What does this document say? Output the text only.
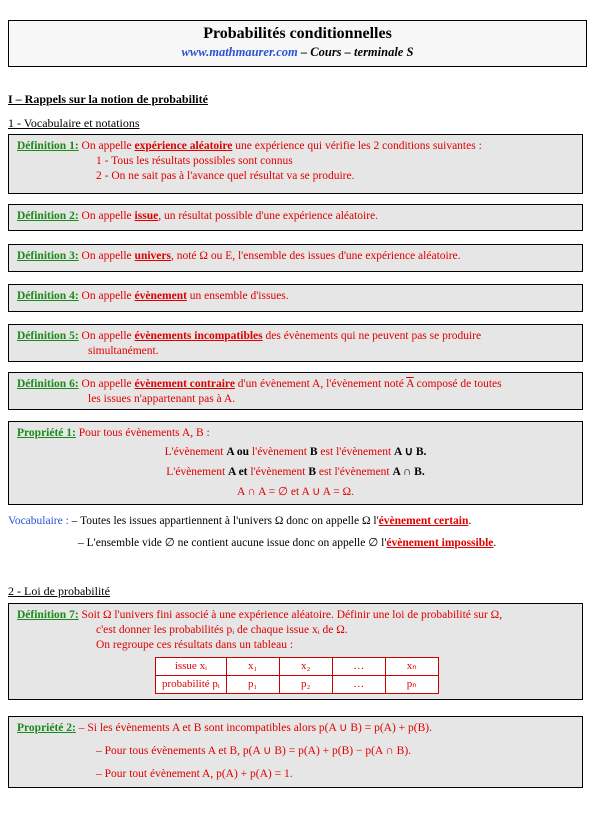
Probabilités conditionnelles
www.mathmaurer.com – Cours – terminale S
I – Rappels sur la notion de probabilité
1 - Vocabulaire et notations
Définition 1: On appelle expérience aléatoire une expérience qui vérifie les 2 conditions suivantes :
1 - Tous les résultats possibles sont connus
2 - On ne sait pas à l'avance quel résultat va se produire.
Définition 2: On appelle issue, un résultat possible d'une expérience aléatoire.
Définition 3: On appelle univers, noté Ω ou E, l'ensemble des issues d'une expérience aléatoire.
Définition 4: On appelle évènement un ensemble d'issues.
Définition 5: On appelle évènements incompatibles des évènements qui ne peuvent pas se produire
simultanément.
Définition 6: On appelle évènement contraire d'un évènement A, l'évènement noté $\overline{A}$ composé de toutes
les issues n'appartenant pas à A.
Propriété 1: Pour tous évènements A, B :
L'évènement A ou l'évènement B est l'évènement A ∪ B.
L'évènement A et l'évènement B est l'évènement A ∩ B.
A ∩ A = ∅ et A ∪ A = Ω.
Vocabulaire : – Toutes les issues appartiennent à l'univers Ω donc on appelle Ω l'évènement certain.
– L'ensemble vide ∅ ne contient aucune issue donc on appelle ∅ l'évènement impossible.
2 - Loi de probabilité
Définition 7: Soit Ω l'univers fini associé à une expérience aléatoire. Définir une loi de probabilité sur Ω,
c'est donner les probabilités pᵢ de chaque issue xᵢ de Ω.
On regroupe ces résultats dans un tableau :
issue xᵢ	x₁	x₂	…	xₙ
probabilité pᵢ	p₁	p₂	…	pₙ
Propriété 2: – Si les évènements A et B sont incompatibles alors p(A ∪ B) = p(A) + p(B).
– Pour tous évènements A et B, p(A ∪ B) = p(A) + p(B) − p(A ∩ B).
– Pour tout évènement A, p(A) + p(A) = 1.
